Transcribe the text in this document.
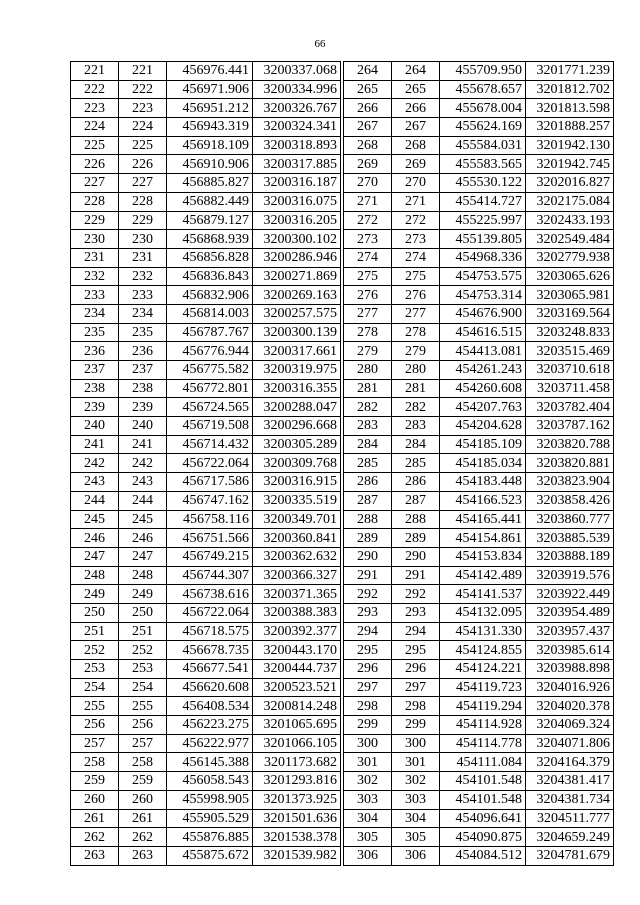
66
221	221	456976.441	3200337.068
222	222	456971.906	3200334.996
223	223	456951.212	3200326.767
224	224	456943.319	3200324.341
225	225	456918.109	3200318.893
226	226	456910.906	3200317.885
227	227	456885.827	3200316.187
228	228	456882.449	3200316.075
229	229	456879.127	3200316.205
230	230	456868.939	3200300.102
231	231	456856.828	3200286.946
232	232	456836.843	3200271.869
233	233	456832.906	3200269.163
234	234	456814.003	3200257.575
235	235	456787.767	3200300.139
236	236	456776.944	3200317.661
237	237	456775.582	3200319.975
238	238	456772.801	3200316.355
239	239	456724.565	3200288.047
240	240	456719.508	3200296.668
241	241	456714.432	3200305.289
242	242	456722.064	3200309.768
243	243	456717.586	3200316.915
244	244	456747.162	3200335.519
245	245	456758.116	3200349.701
246	246	456751.566	3200360.841
247	247	456749.215	3200362.632
248	248	456744.307	3200366.327
249	249	456738.616	3200371.365
250	250	456722.064	3200388.383
251	251	456718.575	3200392.377
252	252	456678.735	3200443.170
253	253	456677.541	3200444.737
254	254	456620.608	3200523.521
255	255	456408.534	3200814.248
256	256	456223.275	3201065.695
257	257	456222.977	3201066.105
258	258	456145.388	3201173.682
259	259	456058.543	3201293.816
260	260	455998.905	3201373.925
261	261	455905.529	3201501.636
262	262	455876.885	3201538.378
263	263	455875.672	3201539.982
264	264	455709.950	3201771.239
265	265	455678.657	3201812.702
266	266	455678.004	3201813.598
267	267	455624.169	3201888.257
268	268	455584.031	3201942.130
269	269	455583.565	3201942.745
270	270	455530.122	3202016.827
271	271	455414.727	3202175.084
272	272	455225.997	3202433.193
273	273	455139.805	3202549.484
274	274	454968.336	3202779.938
275	275	454753.575	3203065.626
276	276	454753.314	3203065.981
277	277	454676.900	3203169.564
278	278	454616.515	3203248.833
279	279	454413.081	3203515.469
280	280	454261.243	3203710.618
281	281	454260.608	3203711.458
282	282	454207.763	3203782.404
283	283	454204.628	3203787.162
284	284	454185.109	3203820.788
285	285	454185.034	3203820.881
286	286	454183.448	3203823.904
287	287	454166.523	3203858.426
288	288	454165.441	3203860.777
289	289	454154.861	3203885.539
290	290	454153.834	3203888.189
291	291	454142.489	3203919.576
292	292	454141.537	3203922.449
293	293	454132.095	3203954.489
294	294	454131.330	3203957.437
295	295	454124.855	3203985.614
296	296	454124.221	3203988.898
297	297	454119.723	3204016.926
298	298	454119.294	3204020.378
299	299	454114.928	3204069.324
300	300	454114.778	3204071.806
301	301	454111.084	3204164.379
302	302	454101.548	3204381.417
303	303	454101.548	3204381.734
304	304	454096.641	3204511.777
305	305	454090.875	3204659.249
306	306	454084.512	3204781.679
